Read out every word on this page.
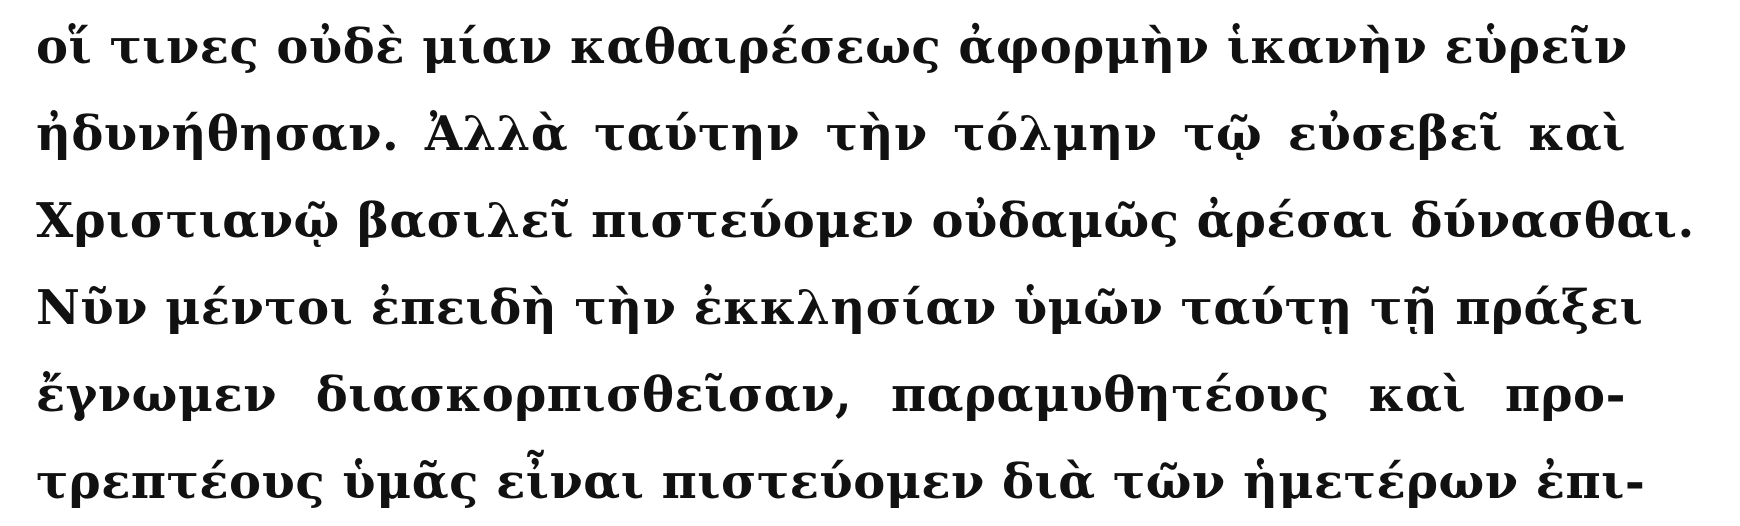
οἵ τινες οὐδὲ μίαν καθαιρέσεως ἀφορμὴν ἱκανὴν εὑρεῖν
ἠδυνήθησαν. Ἀλλὰ ταύτην τὴν τόλμην τῷ εὐσεβεῖ καὶ
Χριστιανῷ βασιλεῖ πιστεύομεν οὐδαμῶς ἀρέσαι δύνασθαι.
Νῦν μέντοι ἐπειδὴ τὴν ἐκκλησίαν ὑμῶν ταύτῃ τῇ πράξει
ἔγνωμεν διασκορπισθεῖσαν, παραμυθητέους καὶ προ-
τρεπτέους ὑμᾶς εἶναι πιστεύομεν διὰ τῶν ἡμετέρων ἐπι-
